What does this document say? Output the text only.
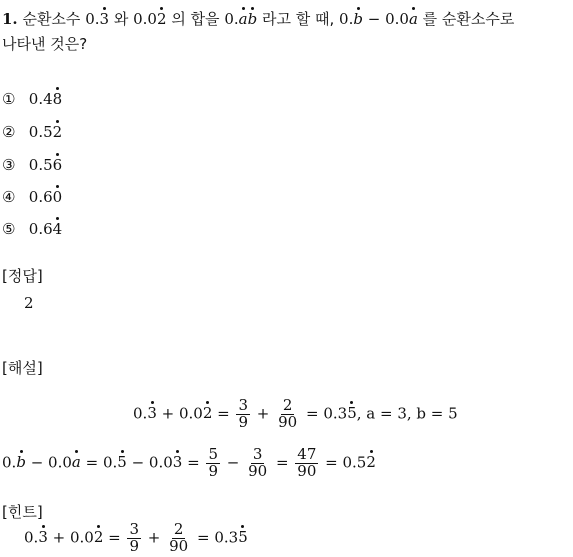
1. 순환소수 0.3 와 0.02 의 합을 0.ab 라고 할 때, 0.b − 0.0a 를 순환소수로
나타낸 것은?
① 0.48
② 0.52
③ 0.56
④ 0.60
⑤ 0.64
[정답]
2
[해설]
$0.3 + 0.02 = \frac{3}{9} + \frac{2}{90} = 0.35$, a = 3, b = 5
$0.b - 0.0a = 0.5 - 0.03 = \frac{5}{9} - \frac{3}{90} = \frac{47}{90} = 0.52$
[힌트]
$0.3 + 0.02 = \frac{3}{9} + \frac{2}{90} = 0.35$
